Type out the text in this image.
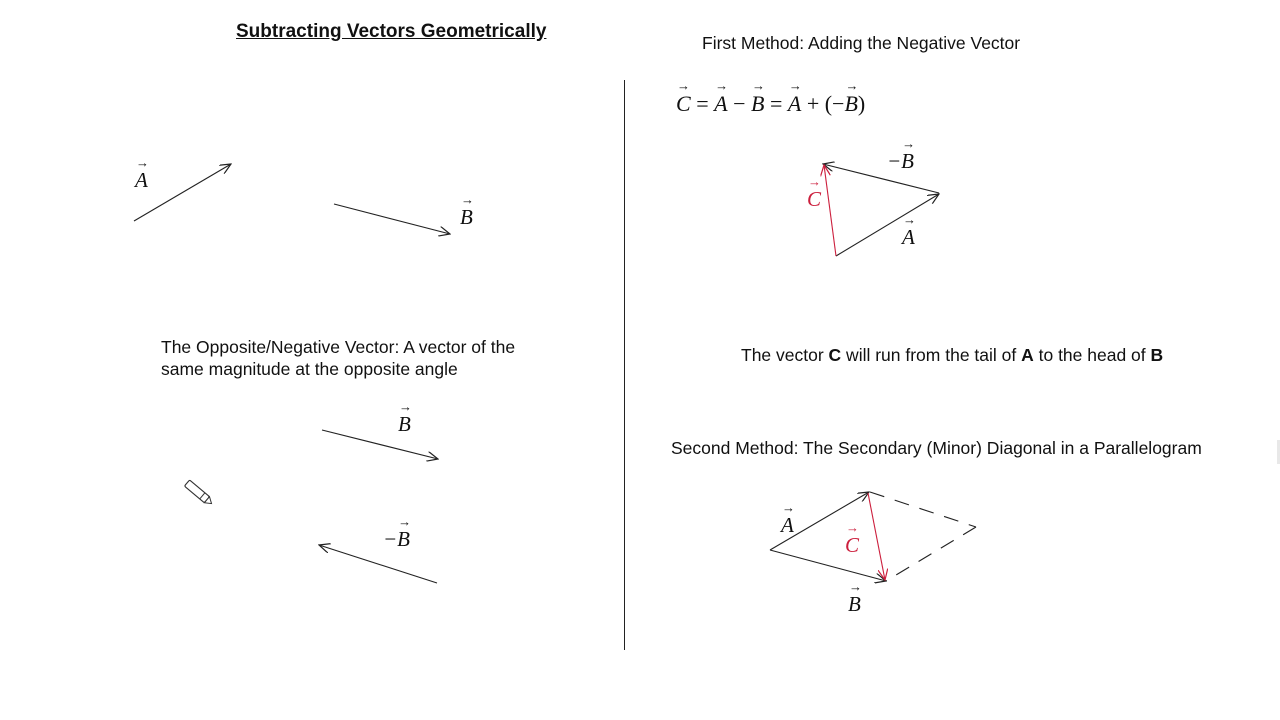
Subtracting Vectors Geometrically
→ A
→ B
The Opposite/Negative Vector: A vector of the
same magnitude at the opposite angle
→ B
−→ B
First Method: Adding the Negative Vector
→ C = → A − → B = → A + (−→ B)
−→ B
→ C
→ A
The vector C will run from the tail of A to the head of B
Second Method: The Secondary (Minor) Diagonal in a Parallelogram
→ A
→ C
→ B
